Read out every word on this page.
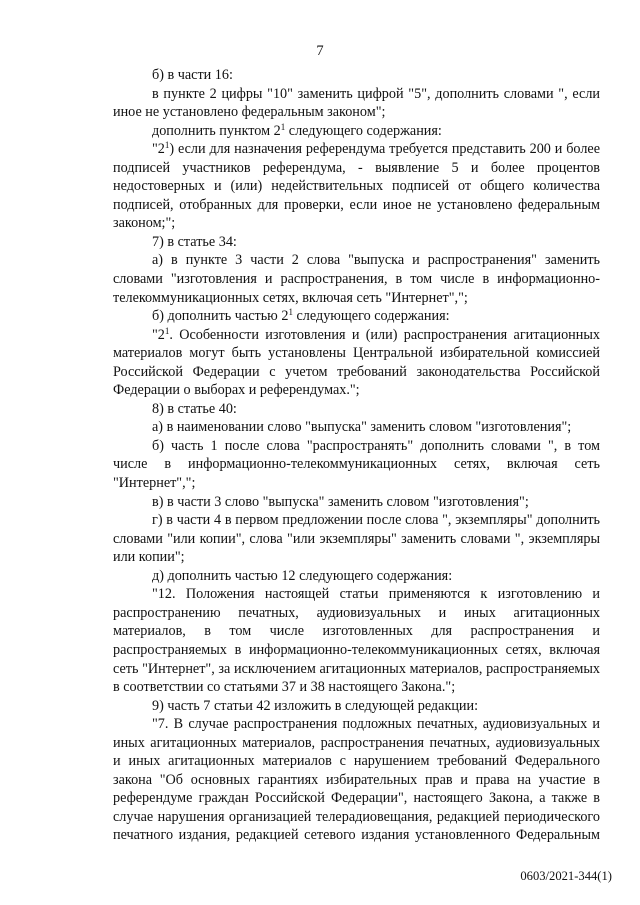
7

б) в части 16:

в пункте 2 цифры "10" заменить цифрой "5", дополнить словами ", если иное не установлено федеральным законом";

дополнить пунктом $2^1$ следующего содержания:

"$2^1$) если для назначения референдума требуется представить 200 и более подписей участников референдума, - выявление 5 и более процентов недостоверных и (или) недействительных подписей от общего количества подписей, отобранных для проверки, если иное не установлено федеральным законом;";

7) в статье 34:

а) в пункте 3 части 2 слова "выпуска и распространения" заменить словами "изготовления и распространения, в том числе в информационно-телекоммуникационных сетях, включая сеть "Интернет",";

б) дополнить частью $2^1$ следующего содержания:

"$2^1$. Особенности изготовления и (или) распространения агитационных материалов могут быть установлены Центральной избирательной комиссией Российской Федерации с учетом требований законодательства Российской Федерации о выборах и референдумах.";

8) в статье 40:

а) в наименовании слово "выпуска" заменить словом "изготовления";

б) часть 1 после слова "распространять" дополнить словами ", в том числе в информационно-телекоммуникационных сетях, включая сеть "Интернет",";

в) в части 3 слово "выпуска" заменить словом "изготовления";

г) в части 4 в первом предложении после слова ", экземпляры" дополнить словами "или копии", слова "или экземпляры" заменить словами ", экземпляры или копии";

д) дополнить частью 12 следующего содержания:

"12. Положения настоящей статьи применяются к изготовлению и распространению печатных, аудиовизуальных и иных агитационных материалов, в том числе изготовленных для распространения и распространяемых в информационно-телекоммуникационных сетях, включая сеть "Интернет", за исключением агитационных материалов, распространяемых в соответствии со статьями 37 и 38 настоящего Закона.";

9) часть 7 статьи 42 изложить в следующей редакции:

"7. В случае распространения подложных печатных, аудиовизуальных и иных агитационных материалов, распространения печатных, аудиовизуальных и иных агитационных материалов с нарушением требований Федерального закона "Об основных гарантиях избирательных прав и права на участие в референдуме граждан Российской Федерации", настоящего Закона, а также в случае нарушения организацией телерадиовещания, редакцией периодического печатного издания, редакцией сетевого издания установленного Федеральным

0603/2021-344(1)
